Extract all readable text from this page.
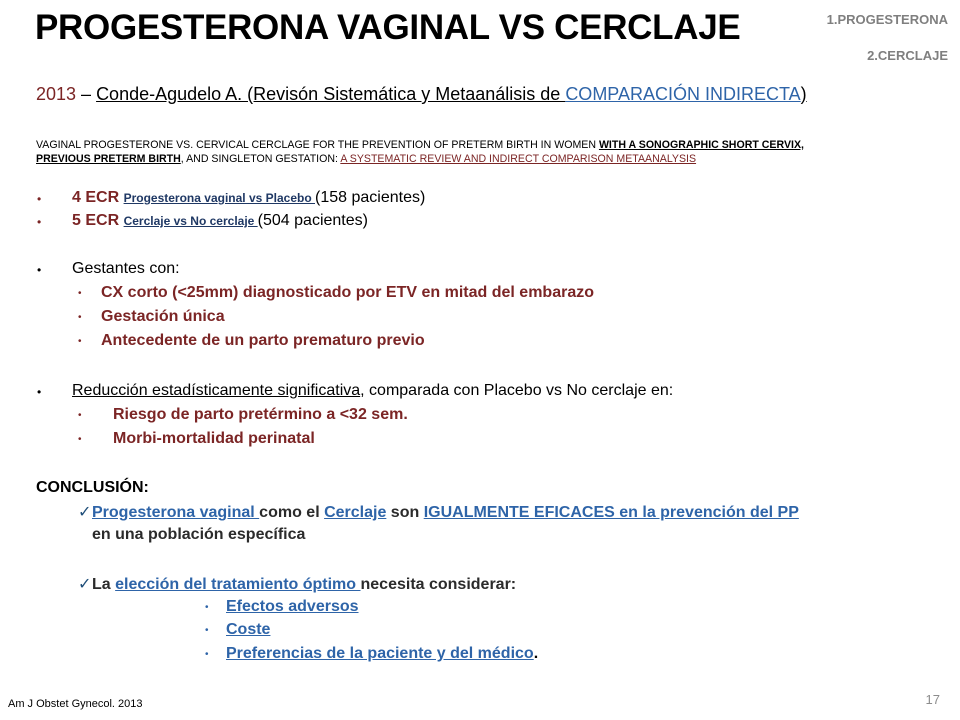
PROGESTERONA VAGINAL VS CERCLAJE	1.PROGESTERONA
2.CERCLAJE
2013 – Conde-Agudelo A. (Revisón Sistemática y Metaanálisis de COMPARACIÓN INDIRECTA)
VAGINAL PROGESTERONE VS. CERVICAL CERCLAGE FOR THE PREVENTION OF PRETERM BIRTH IN WOMEN WITH A SONOGRAPHIC SHORT CERVIX,
PREVIOUS PRETERM BIRTH, AND SINGLETON GESTATION: A SYSTEMATIC REVIEW AND INDIRECT COMPARISON METAANALYSIS
• 4 ECR Progesterona vaginal vs Placebo (158 pacientes)
• 5 ECR Cerclaje vs No cerclaje (504 pacientes)
• Gestantes con:
• CX corto (<25mm) diagnosticado por ETV en mitad del embarazo
• Gestación única
• Antecedente de un parto prematuro previo
• Reducción estadísticamente significativa, comparada con Placebo vs No cerclaje en:
• Riesgo de parto pretérmino a <32 sem.
• Morbi-mortalidad perinatal
CONCLUSIÓN:
✓Progesterona vaginal como el Cerclaje son IGUALMENTE EFICACES en la prevención del PP
en una población específica
✓La elección del tratamiento óptimo necesita considerar:
• Efectos adversos
• Coste
• Preferencias de la paciente y del médico.
Am J Obstet Gynecol. 2013	17
